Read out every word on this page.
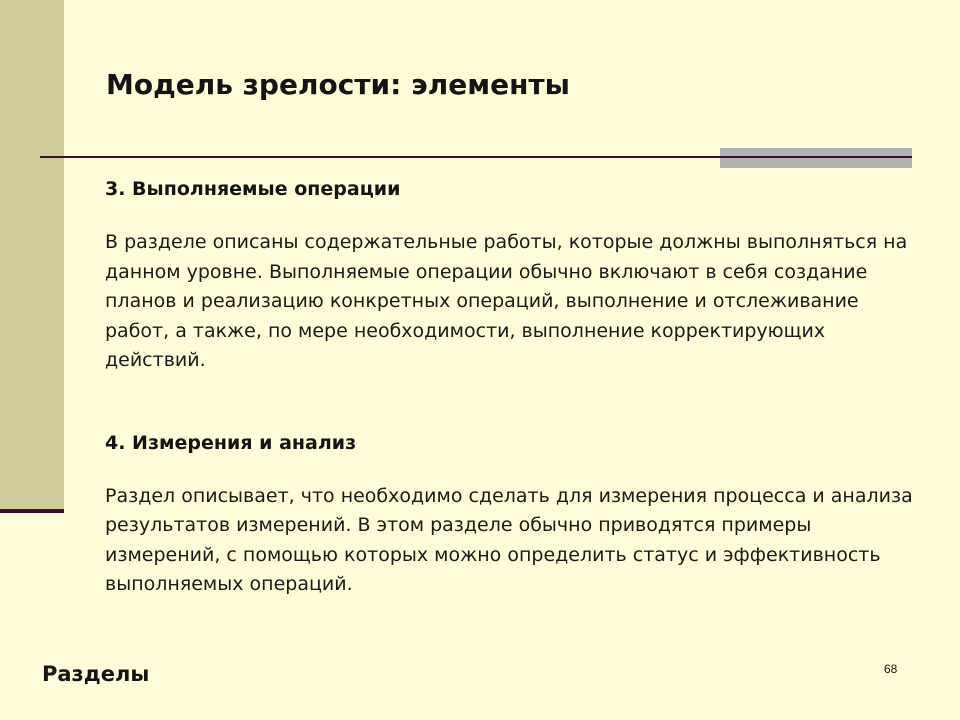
Модель зрелости: элементы
3. Выполняемые операции

В разделе описаны содержательные работы, которые должны выполняться на данном уровне. Выполняемые операции обычно включают в себя создание планов и реализацию конкретных операций, выполнение и отслеживание работ, а также, по мере необходимости, выполнение корректирующих действий.

4. Измерения и анализ

Раздел описывает, что необходимо сделать для измерения процесса и анализа результатов измерений. В этом разделе обычно приводятся примеры измерений, с помощью которых можно определить статус и эффективность выполняемых операций.

Разделы	68
